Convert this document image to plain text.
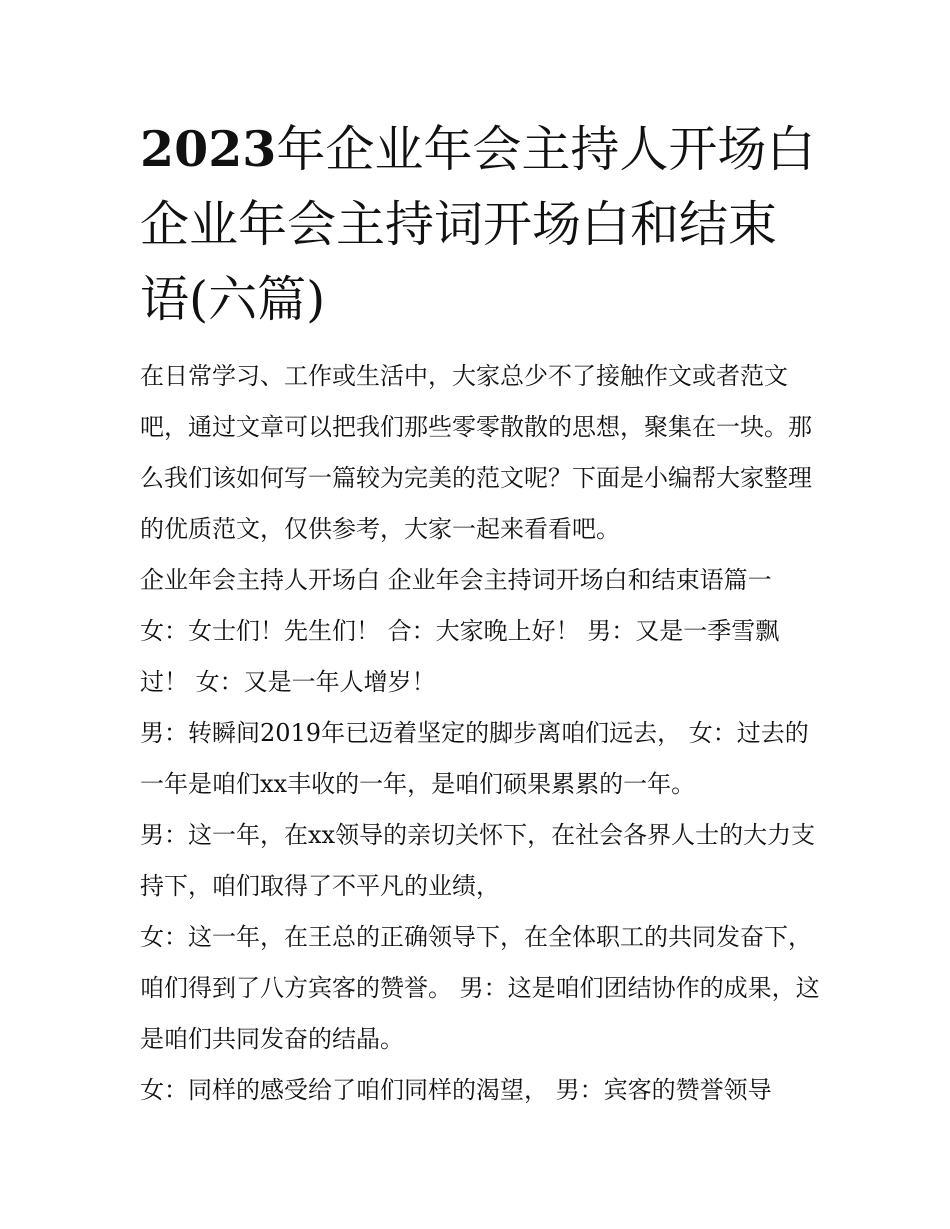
2023年企业年会主持人开场白 企业年会主持词开场白和结束语(六篇)

在日常学习、工作或生活中，大家总少不了接触作文或者范文吧，通过文章可以把我们那些零零散散的思想，聚集在一块。那么我们该如何写一篇较为完美的范文呢？下面是小编帮大家整理的优质范文，仅供参考，大家一起来看看吧。

企业年会主持人开场白 企业年会主持词开场白和结束语篇一

女：女士们！先生们！ 合：大家晚上好！ 男：又是一季雪飘过！ 女：又是一年人增岁！

男：转瞬间2019年已迈着坚定的脚步离咱们远去， 女：过去的一年是咱们xx丰收的一年，是咱们硕果累累的一年。

男：这一年，在xx领导的亲切关怀下，在社会各界人士的大力支持下，咱们取得了不平凡的业绩，

女：这一年，在王总的正确领导下，在全体职工的共同发奋下，咱们得到了八方宾客的赞誉。 男：这是咱们团结协作的成果，这是咱们共同发奋的结晶。

女：同样的感受给了咱们同样的渴望， 男：宾客的赞誉领导
